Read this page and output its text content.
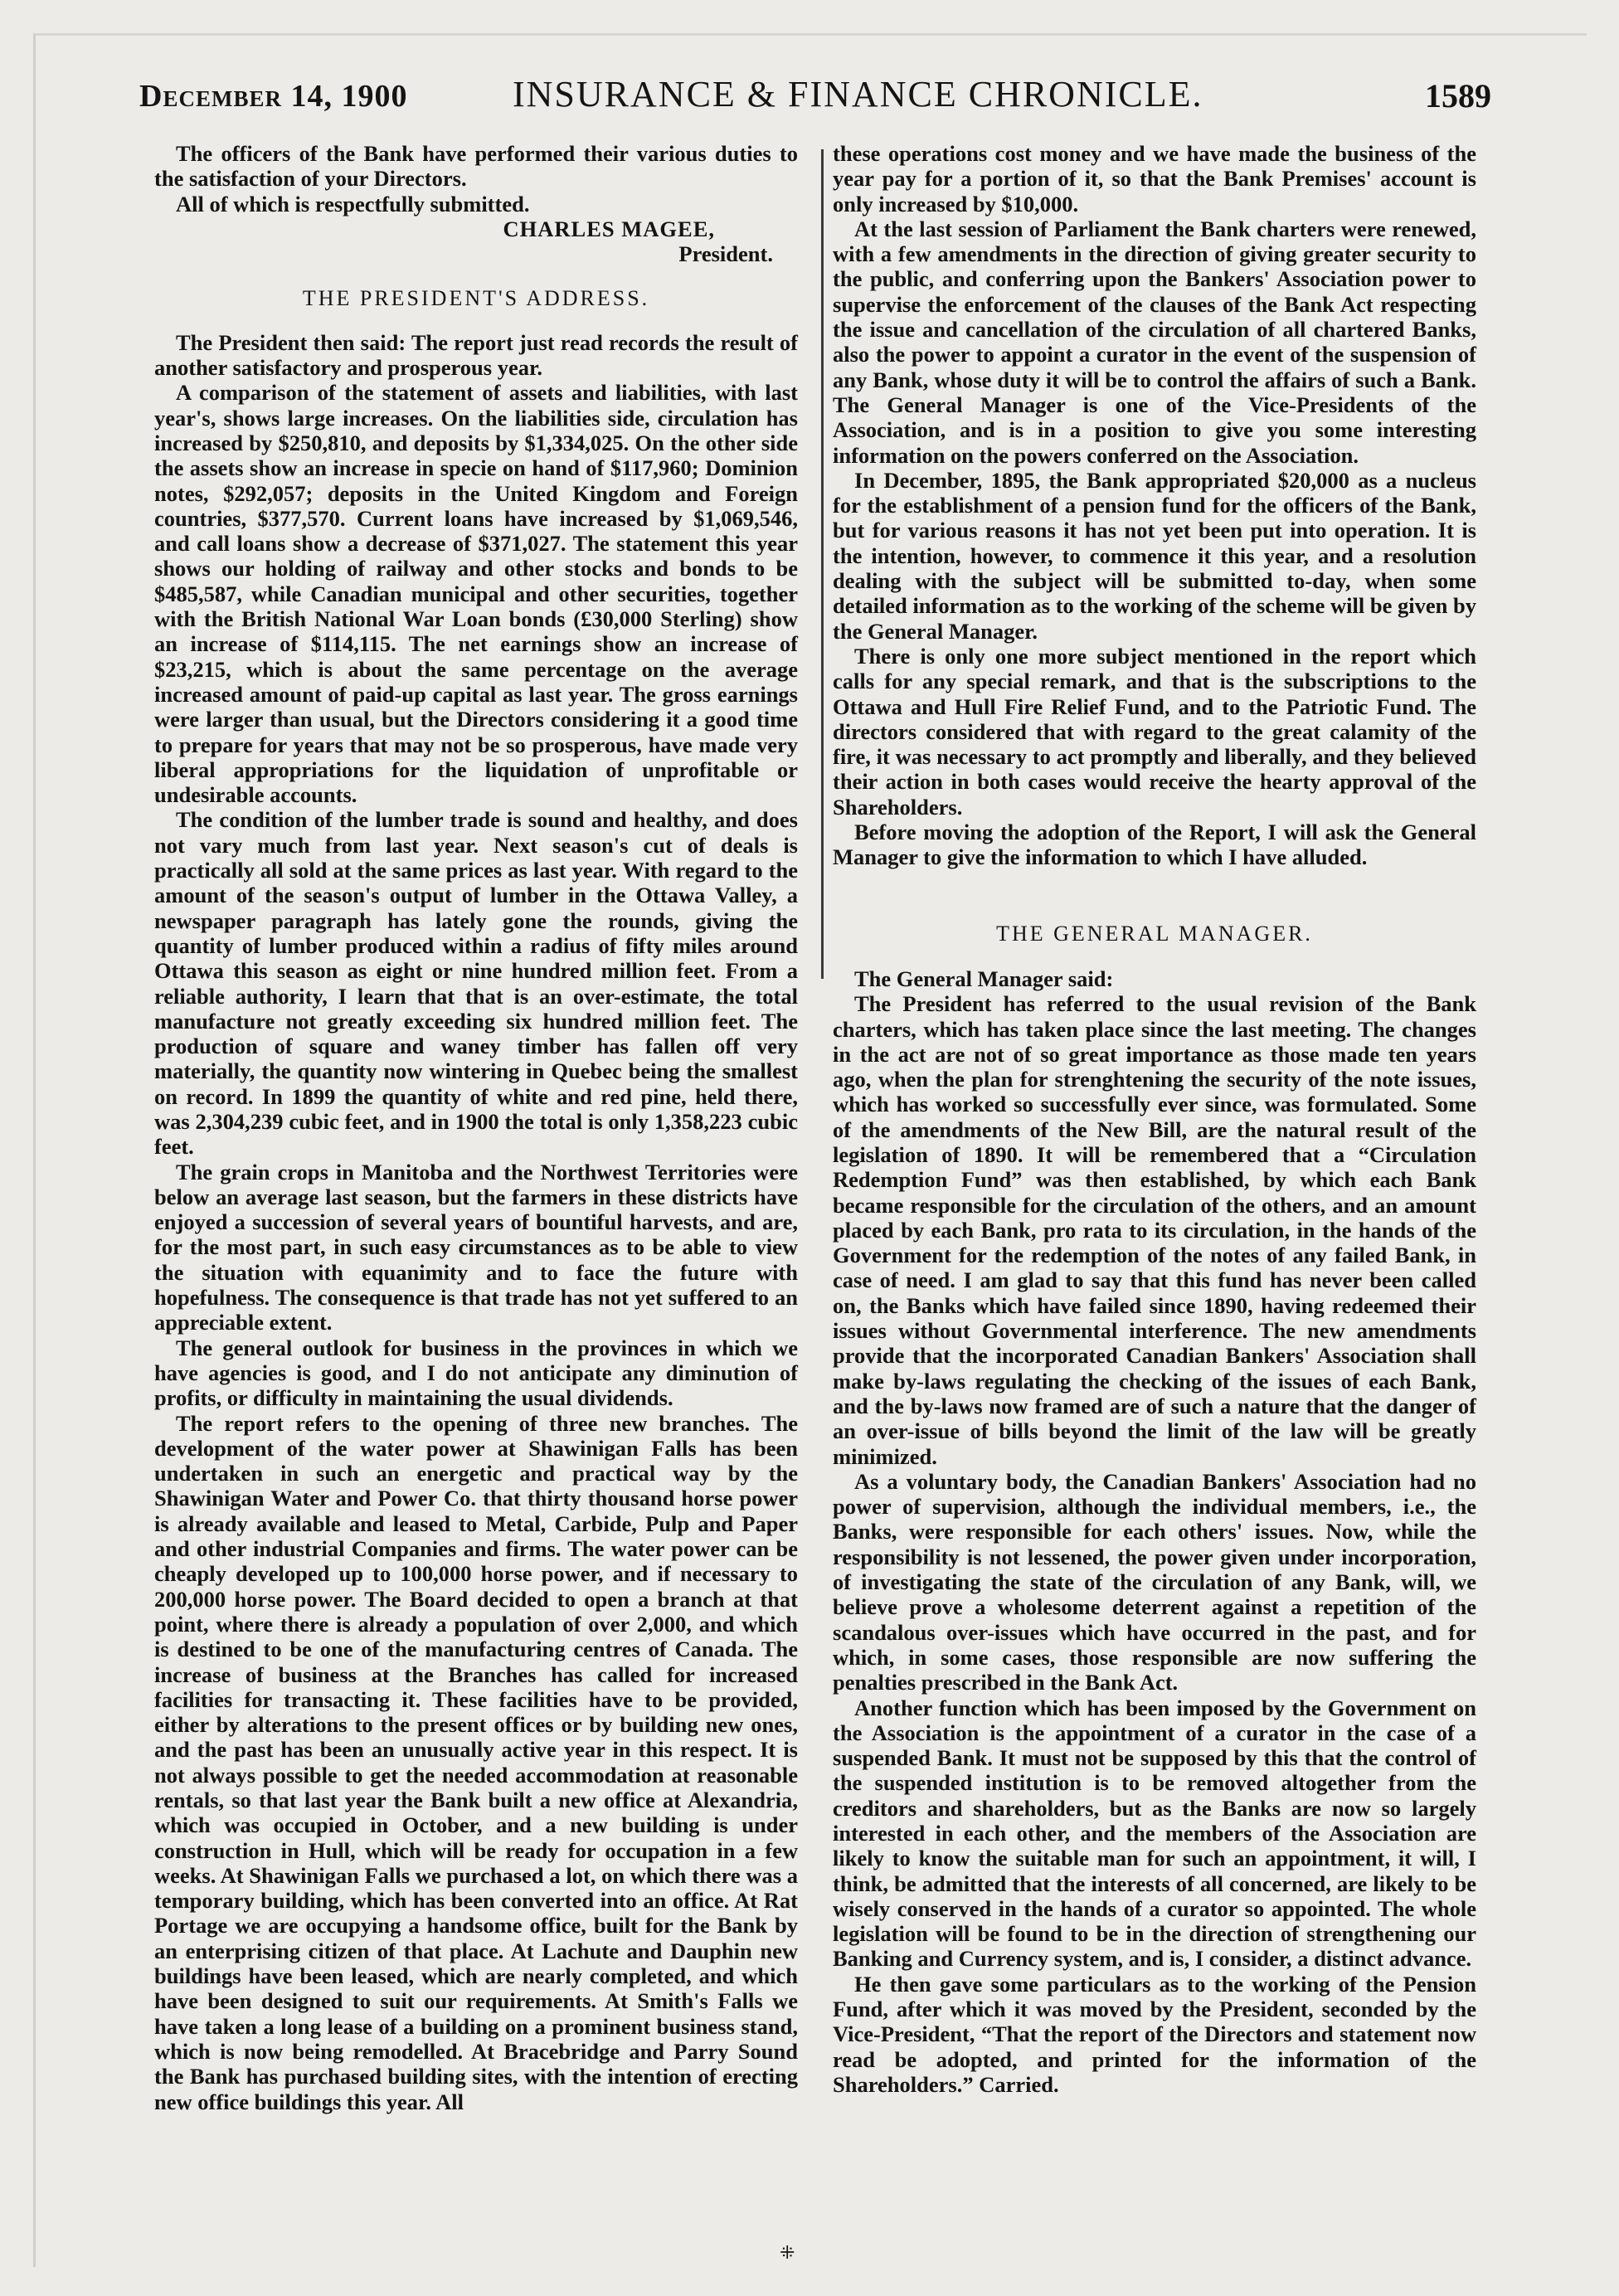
December 14, 1900	INSURANCE & FINANCE CHRONICLE.	1589

The officers of the Bank have performed their various duties to the satisfaction of your Directors.

All of which is respectfully submitted.

CHARLES MAGEE,
President.
THE PRESIDENT'S ADDRESS.

The President then said: The report just read records the result of another satisfactory and prosperous year.

A comparison of the statement of assets and liabilities, with last year's, shows large increases. On the liabilities side, circulation has increased by $250,810, and deposits by $1,334,025. On the other side the assets show an increase in specie on hand of $117,960; Dominion notes, $292,057; deposits in the United Kingdom and Foreign countries, $377,570. Current loans have increased by $1,069,546, and call loans show a decrease of $371,027. The statement this year shows our holding of railway and other stocks and bonds to be $485,587, while Canadian municipal and other securities, together with the British National War Loan bonds (£30,000 Sterling) show an increase of $114,115. The net earnings show an increase of $23,215, which is about the same percentage on the average increased amount of paid-up capital as last year. The gross earnings were larger than usual, but the Directors considering it a good time to prepare for years that may not be so prosperous, have made very liberal appropriations for the liquidation of unprofitable or undesirable accounts.

The condition of the lumber trade is sound and healthy, and does not vary much from last year. Next season's cut of deals is practically all sold at the same prices as last year. With regard to the amount of the season's output of lumber in the Ottawa Valley, a newspaper paragraph has lately gone the rounds, giving the quantity of lumber produced within a radius of fifty miles around Ottawa this season as eight or nine hundred million feet. From a reliable authority, I learn that that is an over-estimate, the total manufacture not greatly exceeding six hundred million feet. The production of square and waney timber has fallen off very materially, the quantity now wintering in Quebec being the smallest on record. In 1899 the quantity of white and red pine, held there, was 2,304,239 cubic feet, and in 1900 the total is only 1,358,223 cubic feet.

The grain crops in Manitoba and the Northwest Territories were below an average last season, but the farmers in these districts have enjoyed a succession of several years of bountiful harvests, and are, for the most part, in such easy circumstances as to be able to view the situation with equanimity and to face the future with hopefulness. The consequence is that trade has not yet suffered to an appreciable extent.

The general outlook for business in the provinces in which we have agencies is good, and I do not anticipate any diminution of profits, or difficulty in maintaining the usual dividends.

The report refers to the opening of three new branches. The development of the water power at Shawinigan Falls has been undertaken in such an energetic and practical way by the Shawinigan Water and Power Co. that thirty thousand horse power is already available and leased to Metal, Carbide, Pulp and Paper and other industrial Companies and firms. The water power can be cheaply developed up to 100,000 horse power, and if necessary to 200,000 horse power. The Board decided to open a branch at that point, where there is already a population of over 2,000, and which is destined to be one of the manufacturing centres of Canada. The increase of business at the Branches has called for increased facilities for transacting it. These facilities have to be provided, either by alterations to the present offices or by building new ones, and the past has been an unusually active year in this respect. It is not always possible to get the needed accommodation at reasonable rentals, so that last year the Bank built a new office at Alexandria, which was occupied in October, and a new building is under construction in Hull, which will be ready for occupation in a few weeks. At Shawinigan Falls we purchased a lot, on which there was a temporary building, which has been converted into an office. At Rat Portage we are occupying a handsome office, built for the Bank by an enterprising citizen of that place. At Lachute and Dauphin new buildings have been leased, which are nearly completed, and which have been designed to suit our requirements. At Smith's Falls we have taken a long lease of a building on a prominent business stand, which is now being remodelled. At Bracebridge and Parry Sound the Bank has purchased building sites, with the intention of erecting new office buildings this year. All

these operations cost money and we have made the business of the year pay for a portion of it, so that the Bank Premises' account is only increased by $10,000.

At the last session of Parliament the Bank charters were renewed, with a few amendments in the direction of giving greater security to the public, and conferring upon the Bankers' Association power to supervise the enforcement of the clauses of the Bank Act respecting the issue and cancellation of the circulation of all chartered Banks, also the power to appoint a curator in the event of the suspension of any Bank, whose duty it will be to control the affairs of such a Bank. The General Manager is one of the Vice-Presidents of the Association, and is in a position to give you some interesting information on the powers conferred on the Association.

In December, 1895, the Bank appropriated $20,000 as a nucleus for the establishment of a pension fund for the officers of the Bank, but for various reasons it has not yet been put into operation. It is the intention, however, to commence it this year, and a resolution dealing with the subject will be submitted to-day, when some detailed information as to the working of the scheme will be given by the General Manager.

There is only one more subject mentioned in the report which calls for any special remark, and that is the subscriptions to the Ottawa and Hull Fire Relief Fund, and to the Patriotic Fund. The directors considered that with regard to the great calamity of the fire, it was necessary to act promptly and liberally, and they believed their action in both cases would receive the hearty approval of the Shareholders.

Before moving the adoption of the Report, I will ask the General Manager to give the information to which I have alluded.

THE GENERAL MANAGER.

The General Manager said:

The President has referred to the usual revision of the Bank charters, which has taken place since the last meeting. The changes in the act are not of so great importance as those made ten years ago, when the plan for strenghtening the security of the note issues, which has worked so successfully ever since, was formulated. Some of the amendments of the New Bill, are the natural result of the legislation of 1890. It will be remembered that a “Circulation Redemption Fund” was then established, by which each Bank became responsible for the circulation of the others, and an amount placed by each Bank, pro rata to its circulation, in the hands of the Government for the redemption of the notes of any failed Bank, in case of need. I am glad to say that this fund has never been called on, the Banks which have failed since 1890, having redeemed their issues without Governmental interference. The new amendments provide that the incorporated Canadian Bankers' Association shall make by-laws regulating the checking of the issues of each Bank, and the by-laws now framed are of such a nature that the danger of an over-issue of bills beyond the limit of the law will be greatly minimized.

As a voluntary body, the Canadian Bankers' Association had no power of supervision, although the individual members, i.e., the Banks, were responsible for each others' issues. Now, while the responsibility is not lessened, the power given under incorporation, of investigating the state of the circulation of any Bank, will, we believe prove a wholesome deterrent against a repetition of the scandalous over-issues which have occurred in the past, and for which, in some cases, those responsible are now suffering the penalties prescribed in the Bank Act.

Another function which has been imposed by the Government on the Association is the appointment of a curator in the case of a suspended Bank. It must not be supposed by this that the control of the suspended institution is to be removed altogether from the creditors and shareholders, but as the Banks are now so largely interested in each other, and the members of the Association are likely to know the suitable man for such an appointment, it will, I think, be admitted that the interests of all concerned, are likely to be wisely conserved in the hands of a curator so appointed. The whole legislation will be found to be in the direction of strengthening our Banking and Currency system, and is, I consider, a distinct advance.

He then gave some particulars as to the working of the Pension Fund, after which it was moved by the President, seconded by the Vice-President, “That the report of the Directors and statement now read be adopted, and printed for the information of the Shareholders.” Carried.

⁜
